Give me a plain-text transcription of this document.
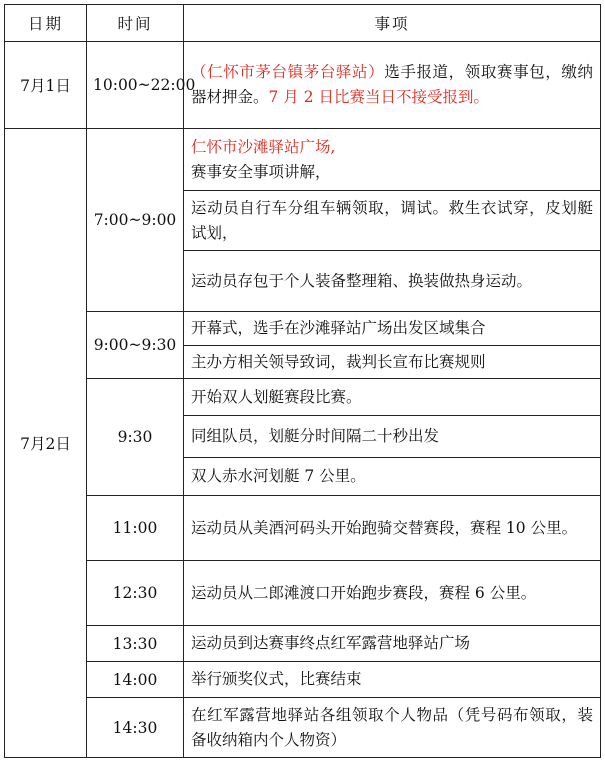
日期	时间	事项
7月1日	10:00~22:00	（仁怀市茅台镇茅台驿站）选手报道，领取赛事包，缴纳器材押金。7 月 2 日比赛当日不接受报到。
7月2日	7:00~9:00	仁怀市沙滩驿站广场,
赛事安全事项讲解，
		运动员自行车分组车辆领取，调试。救生衣试穿，皮划艇试划，
		运动员存包于个人装备整理箱、换装做热身运动。
	9:00~9:30	开幕式，选手在沙滩驿站广场出发区域集合
		主办方相关领导致词，裁判长宣布比赛规则
	9:30	开始双人划艇赛段比赛。
		同组队员，划艇分时间隔二十秒出发
		双人赤水河划艇 7 公里。
	11:00	运动员从美酒河码头开始跑骑交替赛段，赛程 10 公里。
	12:30	运动员从二郎滩渡口开始跑步赛段，赛程 6 公里。
	13:30	运动员到达赛事终点红军露营地驿站广场
	14:00	举行颁奖仪式，比赛结束
	14:30	在红军露营地驿站各组领取个人物品（凭号码布领取，装备收纳箱内个人物资）
